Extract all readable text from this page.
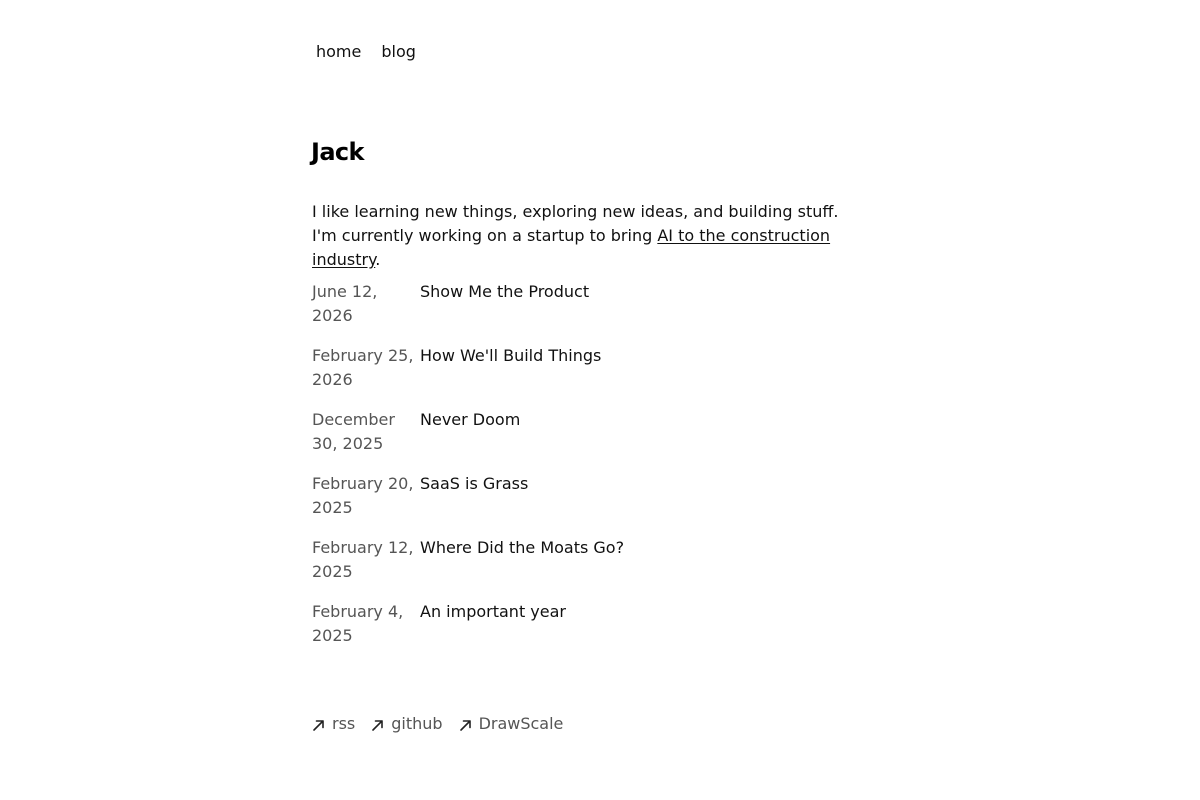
home	blog
Jack

I like learning new things, exploring new ideas, and building stuff. I'm currently working on a startup to bring AI to the construction industry.

June 12, 2026
Show Me the Product
February 25, 2026
How We'll Build Things
December 30, 2025
Never Doom
February 20, 2025
SaaS is Grass
February 12, 2025
Where Did the Moats Go?
February 4, 2025
An important year
rss github DrawScale
